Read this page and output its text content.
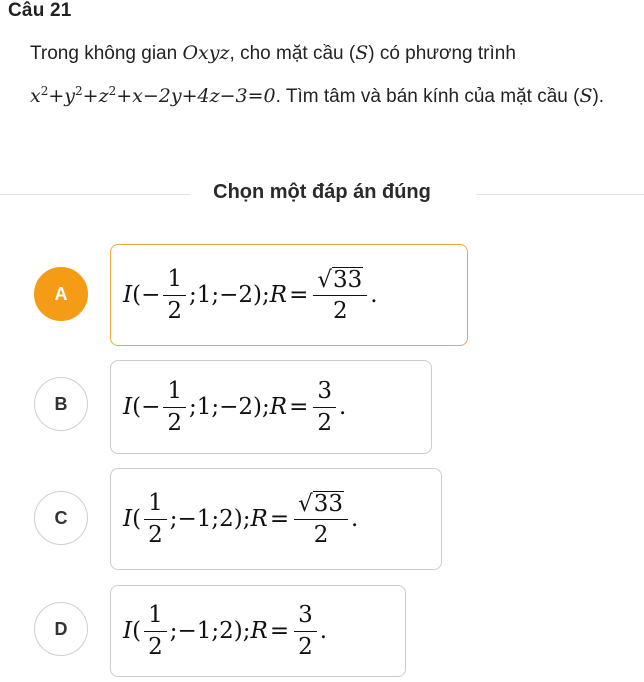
Câu 21
Trong không gian Oxyz, cho mặt cầu (S) có phương trình $x^2+y^2+z^2+x-2y+4z-3=0$. Tìm tâm và bán kính của mặt cầu (S).
Chọn một đáp án đúng
A	I (− $\frac{1}{2}$ ;1;−2); $R = \frac{√ 33}{2}$ .
B	I (− $\frac{1}{2}$ ;1;−2); $R = \frac{3}{2}$ .
C	I ( $\frac{1}{2}$ ;−1;2); $R = \frac{√ 33}{2}$ .
D	I ( $\frac{1}{2}$ ;−1;2); $R = \frac{3}{2}$ .
